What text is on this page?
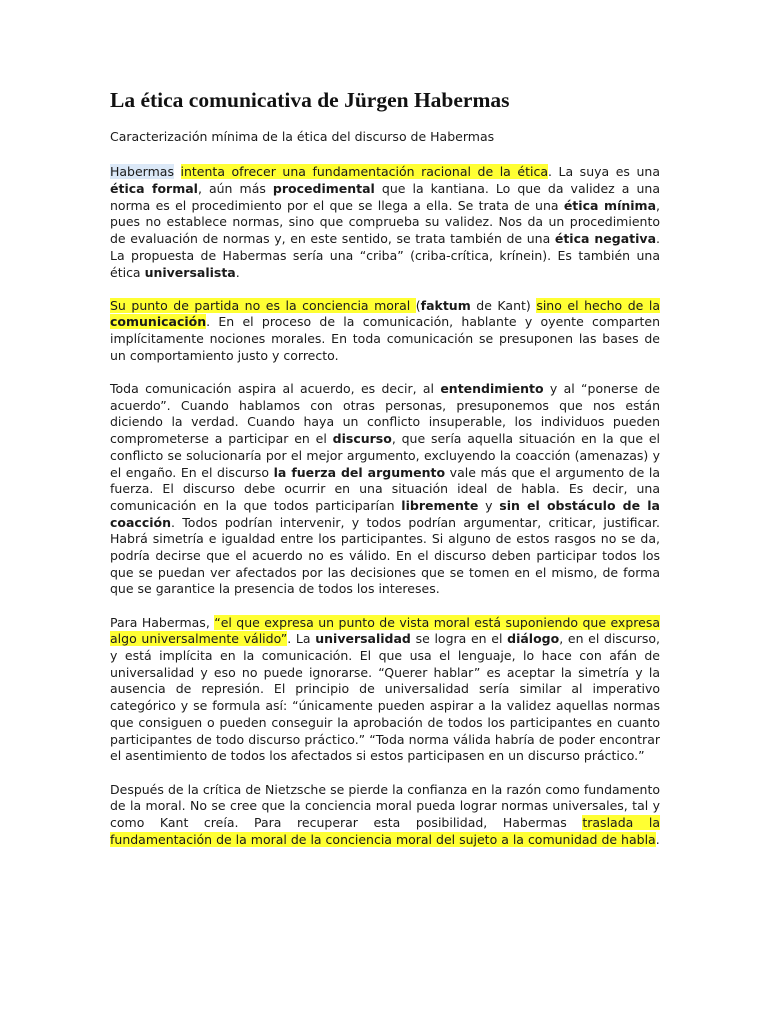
La ética comunicativa de Jürgen Habermas
Caracterización mínima de la ética del discurso de Habermas

Habermas intenta ofrecer una fundamentación racional de la ética. La suya es una ética formal, aún más procedimental que la kantiana. Lo que da validez a una norma es el procedimiento por el que se llega a ella. Se trata de una ética mínima, pues no establece normas, sino que comprueba su validez. Nos da un procedimiento de evaluación de normas y, en este sentido, se trata también de una ética negativa. La propuesta de Habermas sería una “criba” (criba-crítica, krínein). Es también una ética universalista.

Su punto de partida no es la conciencia moral (faktum de Kant) sino el hecho de la comunicación. En el proceso de la comunicación, hablante y oyente comparten implícitamente nociones morales. En toda comunicación se presuponen las bases de un comportamiento justo y correcto.

Toda comunicación aspira al acuerdo, es decir, al entendimiento y al “ponerse de acuerdo”. Cuando hablamos con otras personas, presuponemos que nos están diciendo la verdad. Cuando haya un conflicto insuperable, los individuos pueden comprometerse a participar en el discurso, que sería aquella situación en la que el conflicto se solucionaría por el mejor argumento, excluyendo la coacción (amenazas) y el engaño. En el discurso la fuerza del argumento vale más que el argumento de la fuerza. El discurso debe ocurrir en una situación ideal de habla. Es decir, una comunicación en la que todos participarían libremente y sin el obstáculo de la coacción. Todos podrían intervenir, y todos podrían argumentar, criticar, justificar. Habrá simetría e igualdad entre los participantes. Si alguno de estos rasgos no se da, podría decirse que el acuerdo no es válido. En el discurso deben participar todos los que se puedan ver afectados por las decisiones que se tomen en el mismo, de forma que se garantice la presencia de todos los intereses.

Para Habermas, “el que expresa un punto de vista moral está suponiendo que expresa algo universalmente válido”. La universalidad se logra en el diálogo, en el discurso, y está implícita en la comunicación. El que usa el lenguaje, lo hace con afán de universalidad y eso no puede ignorarse. “Querer hablar” es aceptar la simetría y la ausencia de represión. El principio de universalidad sería similar al imperativo categórico y se formula así: “únicamente pueden aspirar a la validez aquellas normas que consiguen o pueden conseguir la aprobación de todos los participantes en cuanto participantes de todo discurso práctico.” “Toda norma válida habría de poder encontrar el asentimiento de todos los afectados si estos participasen en un discurso práctico.”

Después de la crítica de Nietzsche se pierde la confianza en la razón como fundamento de la moral. No se cree que la conciencia moral pueda lograr normas universales, tal y como Kant creía. Para recuperar esta posibilidad, Habermas traslada la fundamentación de la moral de la conciencia moral del sujeto a la comunidad de habla.
